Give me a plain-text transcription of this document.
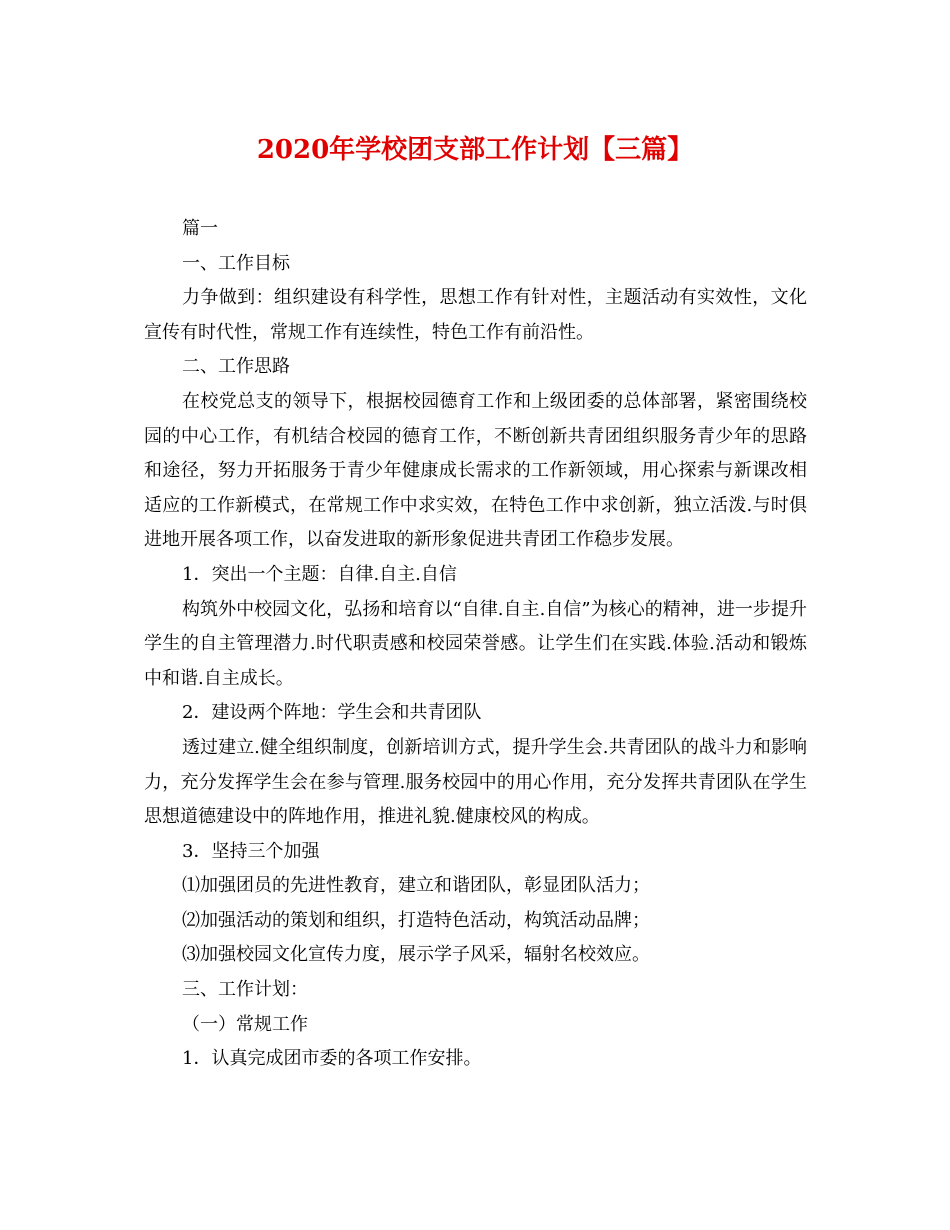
2020年学校团支部工作计划【三篇】

篇一

一、工作目标

力争做到：组织建设有科学性，思想工作有针对性，主题活动有实效性，文化宣传有时代性，常规工作有连续性，特色工作有前沿性。

二、工作思路

在校党总支的领导下，根据校园德育工作和上级团委的总体部署，紧密围绕校园的中心工作，有机结合校园的德育工作，不断创新共青团组织服务青少年的思路和途径，努力开拓服务于青少年健康成长需求的工作新领域，用心探索与新课改相适应的工作新模式，在常规工作中求实效，在特色工作中求创新，独立活泼.与时俱进地开展各项工作，以奋发进取的新形象促进共青团工作稳步发展。

1．突出一个主题：自律.自主.自信

构筑外中校园文化，弘扬和培育以“自律.自主.自信”为核心的精神，进一步提升学生的自主管理潜力.时代职责感和校园荣誉感。让学生们在实践.体验.活动和锻炼中和谐.自主成长。

2．建设两个阵地：学生会和共青团队

透过建立.健全组织制度，创新培训方式，提升学生会.共青团队的战斗力和影响力，充分发挥学生会在参与管理.服务校园中的用心作用，充分发挥共青团队在学生思想道德建设中的阵地作用，推进礼貌.健康校风的构成。

3．坚持三个加强

⑴加强团员的先进性教育，建立和谐团队，彰显团队活力；

⑵加强活动的策划和组织，打造特色活动，构筑活动品牌；

⑶加强校园文化宣传力度，展示学子风采，辐射名校效应。

三、工作计划：

（一）常规工作

1．认真完成团市委的各项工作安排。
